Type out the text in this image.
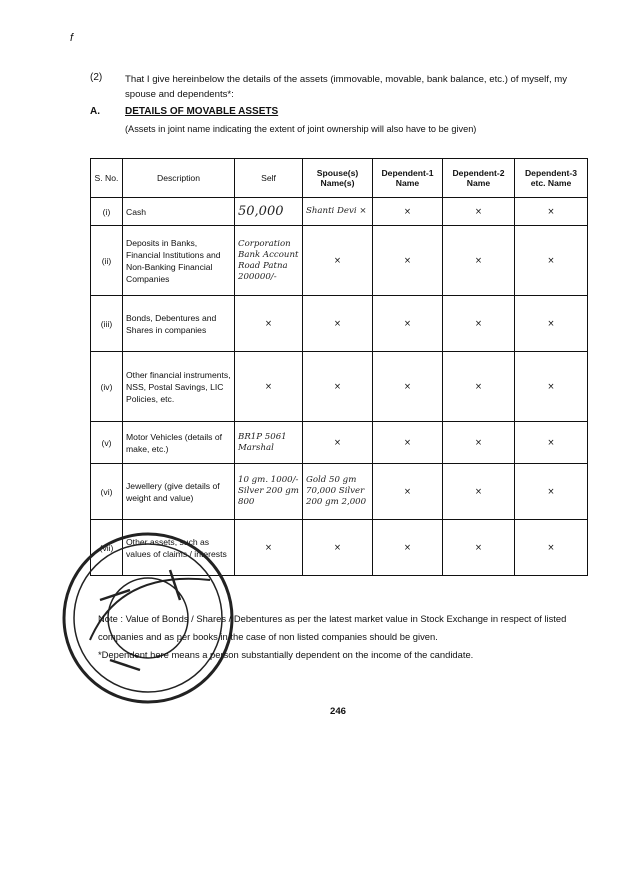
f
(2) That I give hereinbelow the details of the assets (immovable, movable, bank balance, etc.) of myself, my spouse and dependents*:
A.	DETAILS OF MOVABLE ASSETS
(Assets in joint name indicating the extent of joint ownership will also have to be given)
S. No.	Description	Self	Spouse(s) Name(s)	Dependent-1 Name	Dependent-2 Name	Dependent-3 etc. Name
(i)	Cash	50,000	Shanti Devi ×	×	×	×
(ii)	Deposits in Banks, Financial Institutions and Non-Banking Financial Companies	Corporation Bank Account Road Patna 200000/-	×	×	×	×
(iii)	Bonds, Debentures and Shares in companies	×	×	×	×	×
(iv)	Other financial instruments, NSS, Postal Savings, LIC Policies, etc.	×	×	×	×	×
(v)	Motor Vehicles (details of make, etc.)	BR1P 5061 Marshal	×	×	×	×
(vi)	Jewellery (give details of weight and value)	10 gm. 1000/- Silver 200 gm 800	Gold 50 gm 70,000 Silver 200 gm 2,000	×	×	×
(vii)	Other assets, such as values of claims / interests	×	×	×	×	×
Note : Value of Bonds / Shares / Debentures as per the latest market value in Stock Exchange in respect of listed companies and as per books in the case of non listed companies should be given.
*Dependent here means a person substantially dependent on the income of the candidate.
246
